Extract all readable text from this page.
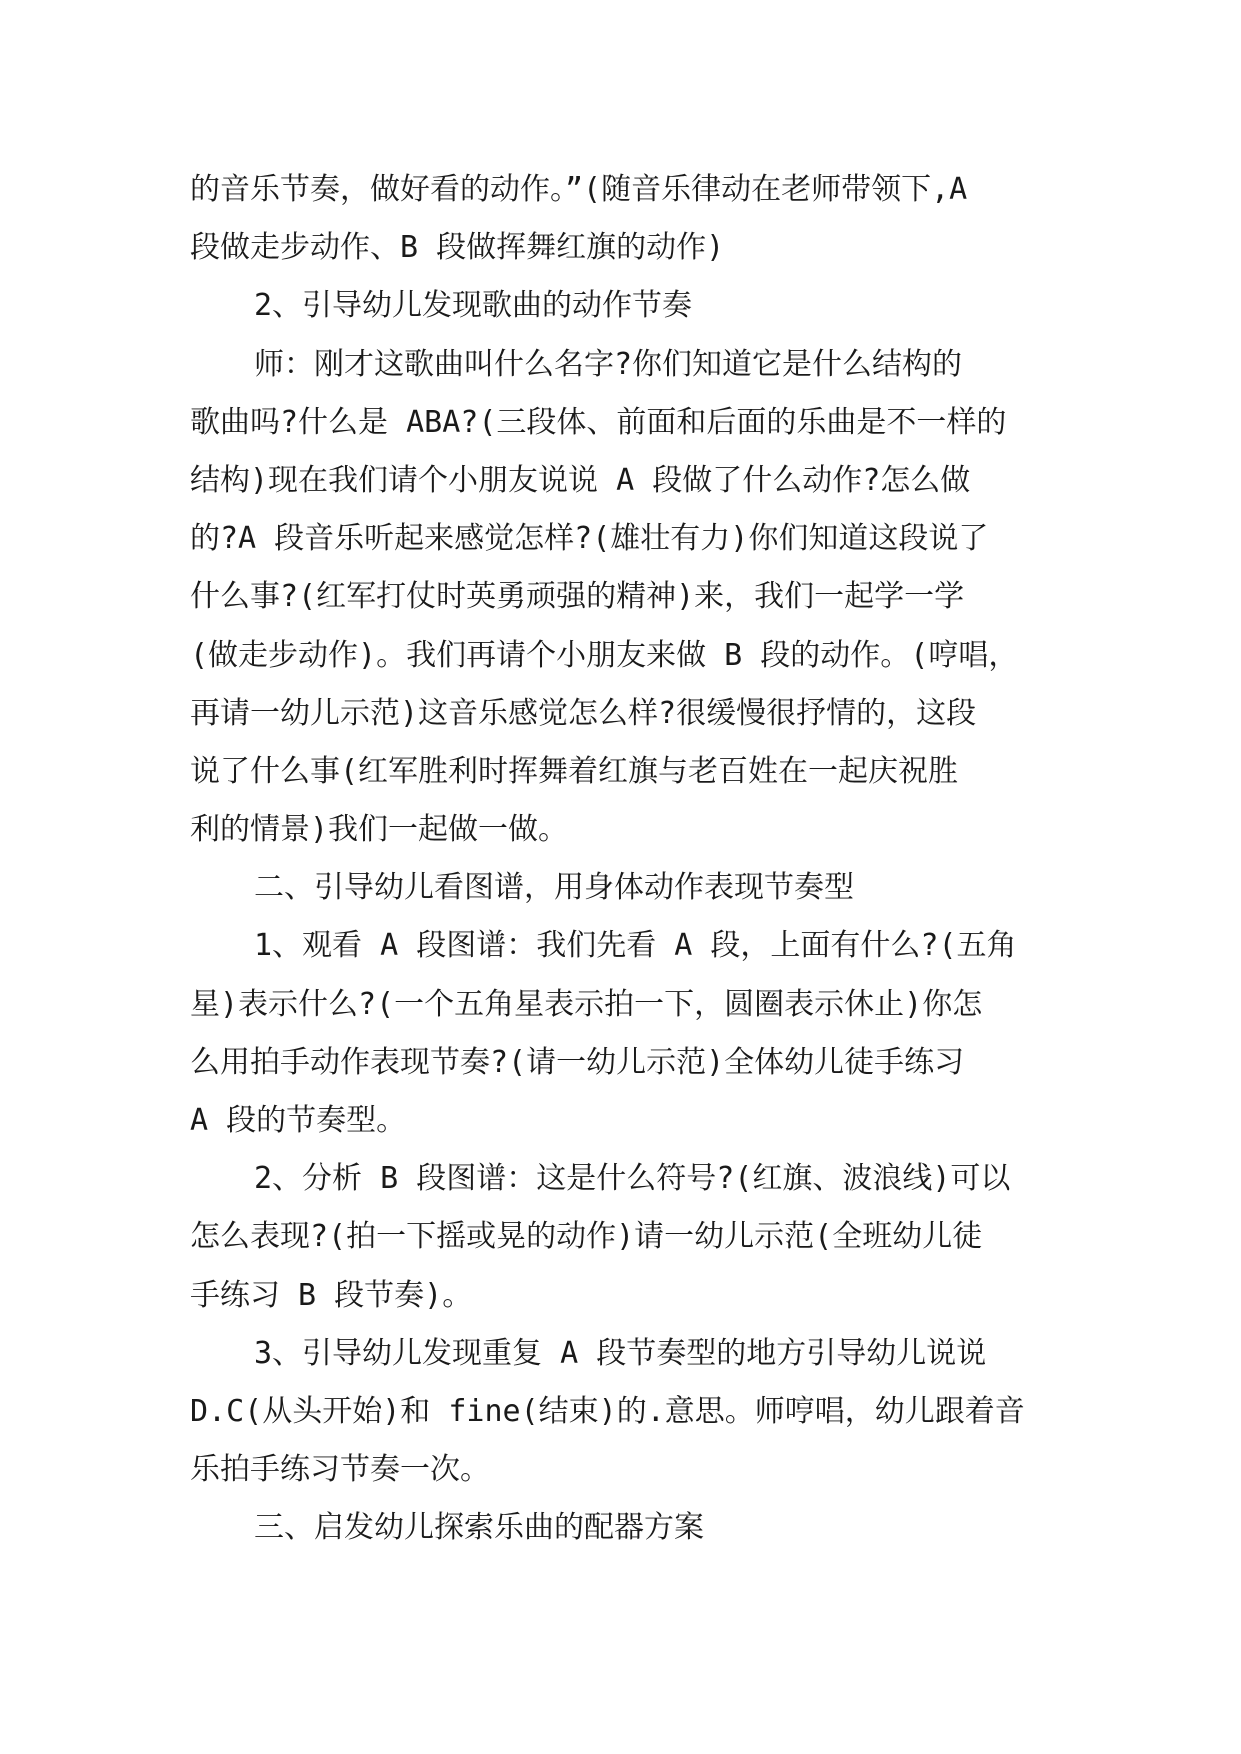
的音乐节奏，做好看的动作。”(随音乐律动在老师带领下,A
段做走步动作、B 段做挥舞红旗的动作)
2、引导幼儿发现歌曲的动作节奏
师：刚才这歌曲叫什么名字?你们知道它是什么结构的
歌曲吗?什么是 ABA?(三段体、前面和后面的乐曲是不一样的
结构)现在我们请个小朋友说说 A 段做了什么动作?怎么做
的?A 段音乐听起来感觉怎样?(雄壮有力)你们知道这段说了
什么事?(红军打仗时英勇顽强的精神)来，我们一起学一学
(做走步动作)。我们再请个小朋友来做 B 段的动作。(哼唱，
再请一幼儿示范)这音乐感觉怎么样?很缓慢很抒情的，这段
说了什么事(红军胜利时挥舞着红旗与老百姓在一起庆祝胜
利的情景)我们一起做一做。
二、引导幼儿看图谱，用身体动作表现节奏型
1、观看 A 段图谱：我们先看 A 段，上面有什么?(五角
星)表示什么?(一个五角星表示拍一下，圆圈表示休止)你怎
么用拍手动作表现节奏?(请一幼儿示范)全体幼儿徒手练习
A 段的节奏型。
2、分析 B 段图谱：这是什么符号?(红旗、波浪线)可以
怎么表现?(拍一下摇或晃的动作)请一幼儿示范(全班幼儿徒
手练习 B 段节奏)。
3、引导幼儿发现重复 A 段节奏型的地方引导幼儿说说
D.C(从头开始)和 fine(结束)的.意思。师哼唱，幼儿跟着音
乐拍手练习节奏一次。
三、启发幼儿探索乐曲的配器方案
